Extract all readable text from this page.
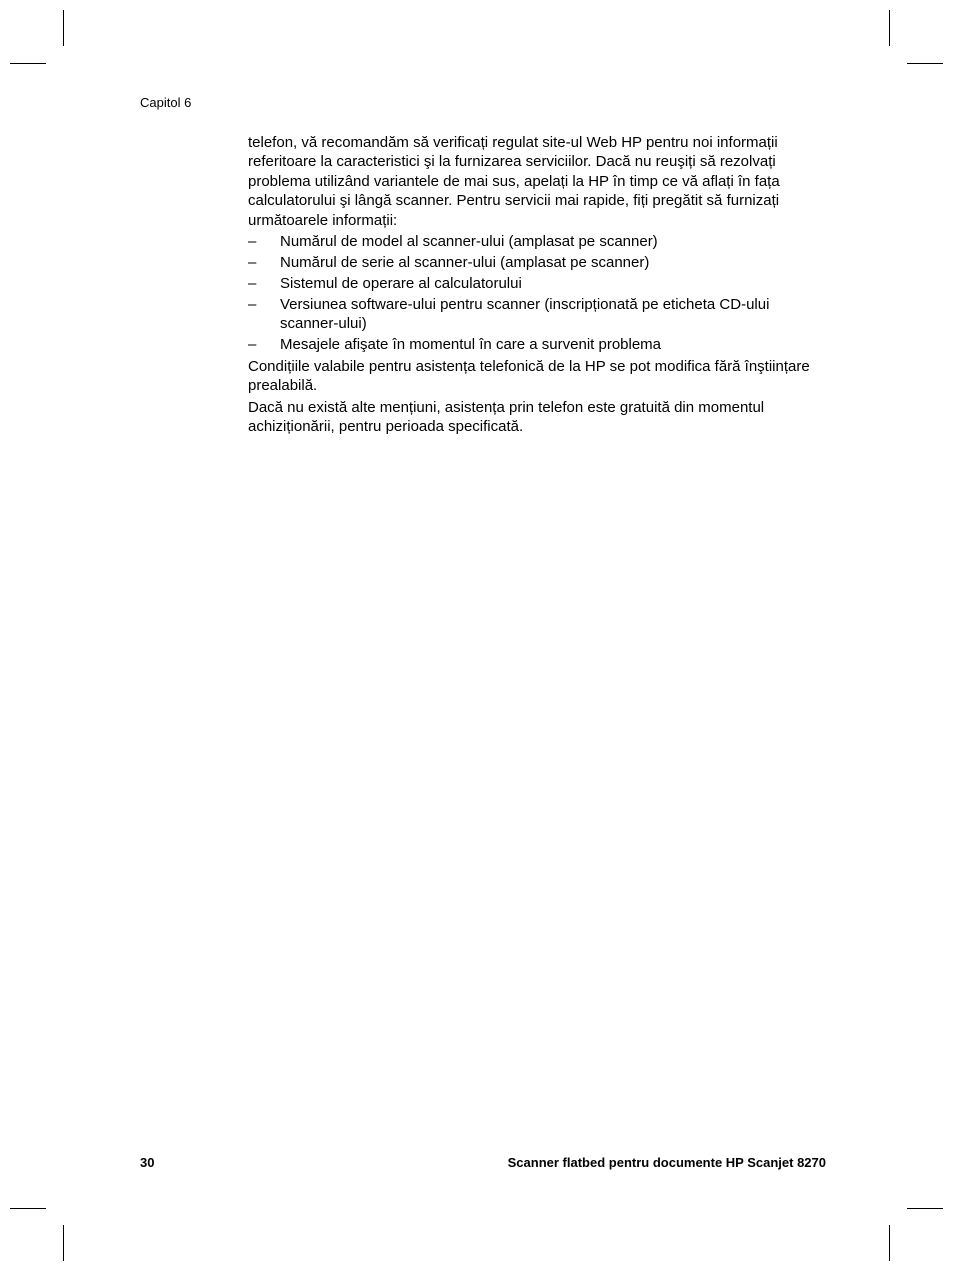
Capitol 6

telefon, vă recomandăm să verificați regulat site-ul Web HP pentru noi informații referitoare la caracteristici şi la furnizarea serviciilor. Dacă nu reuşiți să rezolvați problema utilizând variantele de mai sus, apelați la HP în timp ce vă aflați în fața calculatorului şi lângă scanner. Pentru servicii mai rapide, fiți pregătit să furnizați următoarele informații:

– Numărul de model al scanner-ului (amplasat pe scanner)
– Numărul de serie al scanner-ului (amplasat pe scanner)
– Sistemul de operare al calculatorului
– Versiunea software-ului pentru scanner (inscripționată pe eticheta CD-ului scanner-ului)
– Mesajele afişate în momentul în care a survenit problema

Condițiile valabile pentru asistența telefonică de la HP se pot modifica fără înştiințare prealabilă.

Dacă nu există alte mențiuni, asistența prin telefon este gratuită din momentul achiziționării, pentru perioada specificată.

30	Scanner flatbed pentru documente HP Scanjet 8270
